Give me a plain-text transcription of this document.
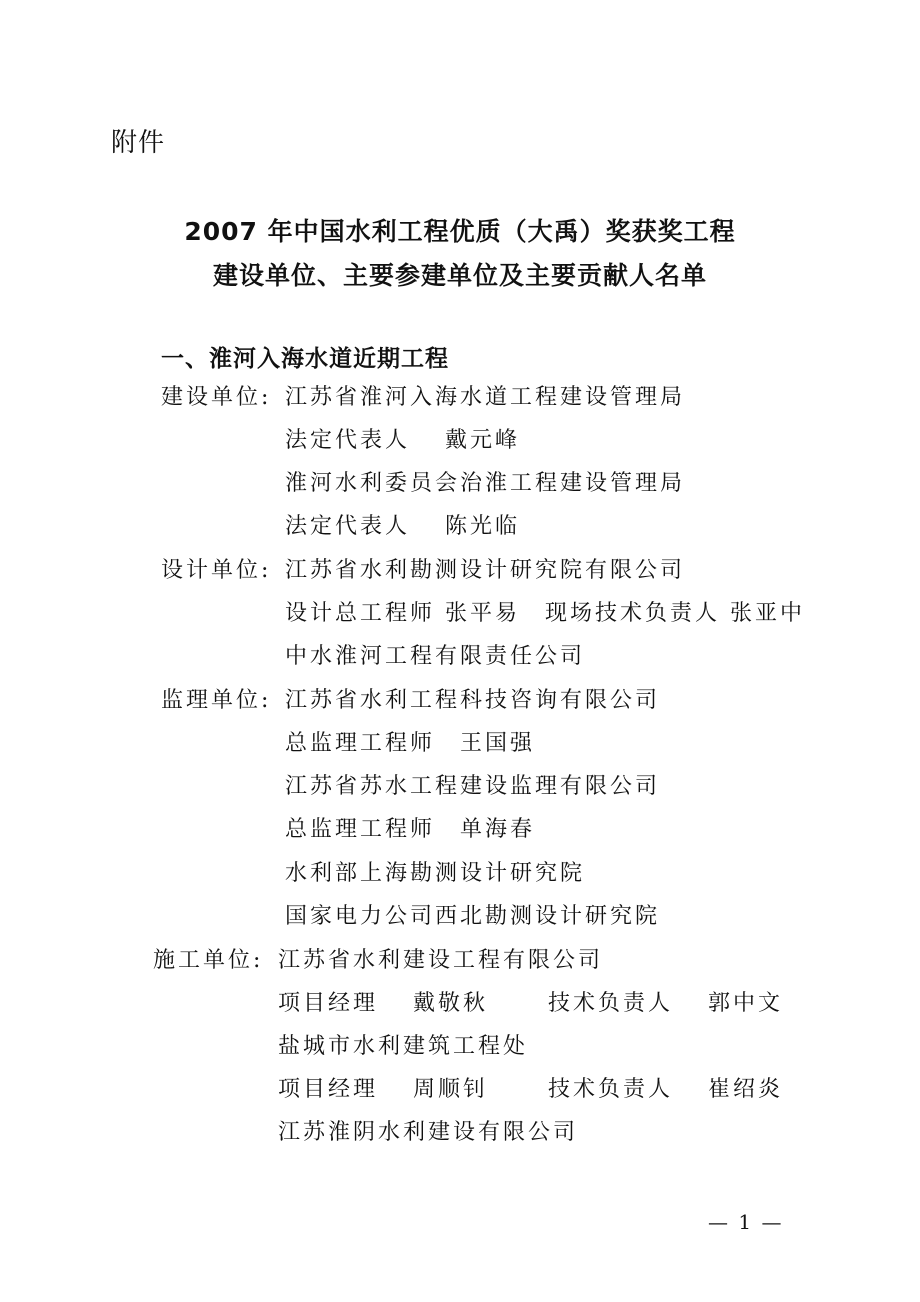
附件
2007 年中国水利工程优质（大禹）奖获奖工程
建设单位、主要参建单位及主要贡献人名单
一、淮河入海水道近期工程
建设单位: 江苏省淮河入海水道工程建设管理局
法定代表人　 戴元峰
淮河水利委员会治淮工程建设管理局
法定代表人　 陈光临
设计单位: 江苏省水利勘测设计研究院有限公司
设计总工程师 张平易　现场技术负责人 张亚中
中水淮河工程有限责任公司
监理单位: 江苏省水利工程科技咨询有限公司
总监理工程师　王国强
江苏省苏水工程建设监理有限公司
总监理工程师　单海春
水利部上海勘测设计研究院
国家电力公司西北勘测设计研究院
施工单位: 江苏省水利建设工程有限公司
项目经理　 戴敬秋　　 技术负责人　 郭中文
盐城市水利建筑工程处
项目经理　 周顺钊　　 技术负责人　 崔绍炎
江苏淮阴水利建设有限公司
— 1 —
